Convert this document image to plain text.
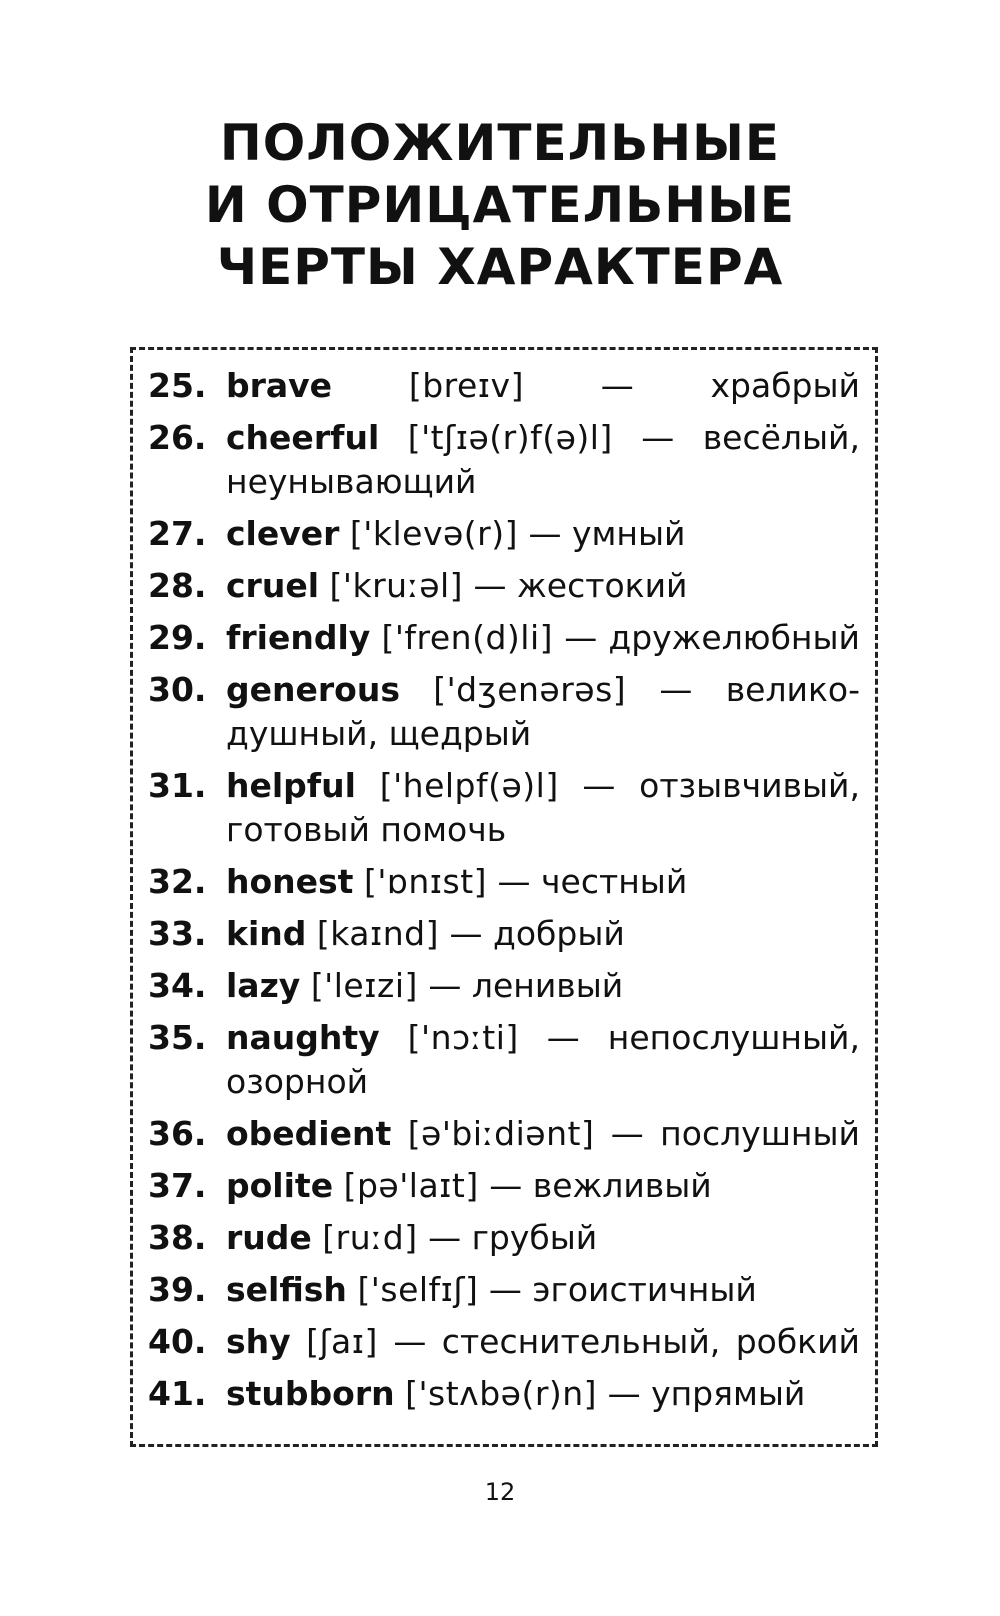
ПОЛОЖИТЕЛЬНЫЕ
И ОТРИЦАТЕЛЬНЫЕ
ЧЕРТЫ ХАРАКТЕРА
25. brave [breɪv] — храбрый
26. cheerful ['tʃɪə(r)f(ə)l] — весёлый, неунывающий
27. clever ['klevə(r)] — умный
28. cruel ['kruːəl] — жестокий
29. friendly ['fren(d)li] — дружелюбный
30. generous ['dʒenərəs] — велико-душный, щедрый
31. helpful ['helpf(ə)l] — отзывчивый, готовый помочь
32. honest ['ɒnɪst] — честный
33. kind [kaɪnd] — добрый
34. lazy ['leɪzi] — ленивый
35. naughty ['nɔːti] — непослушный, озорной
36. obedient [ə'biːdiənt] — послушный
37. polite [pə'laɪt] — вежливый
38. rude [ruːd] — грубый
39. selfish ['selfɪʃ] — эгоистичный
40. shy [ʃaɪ] — стеснительный, робкий
41. stubborn ['stʌbə(r)n] — упрямый
12
